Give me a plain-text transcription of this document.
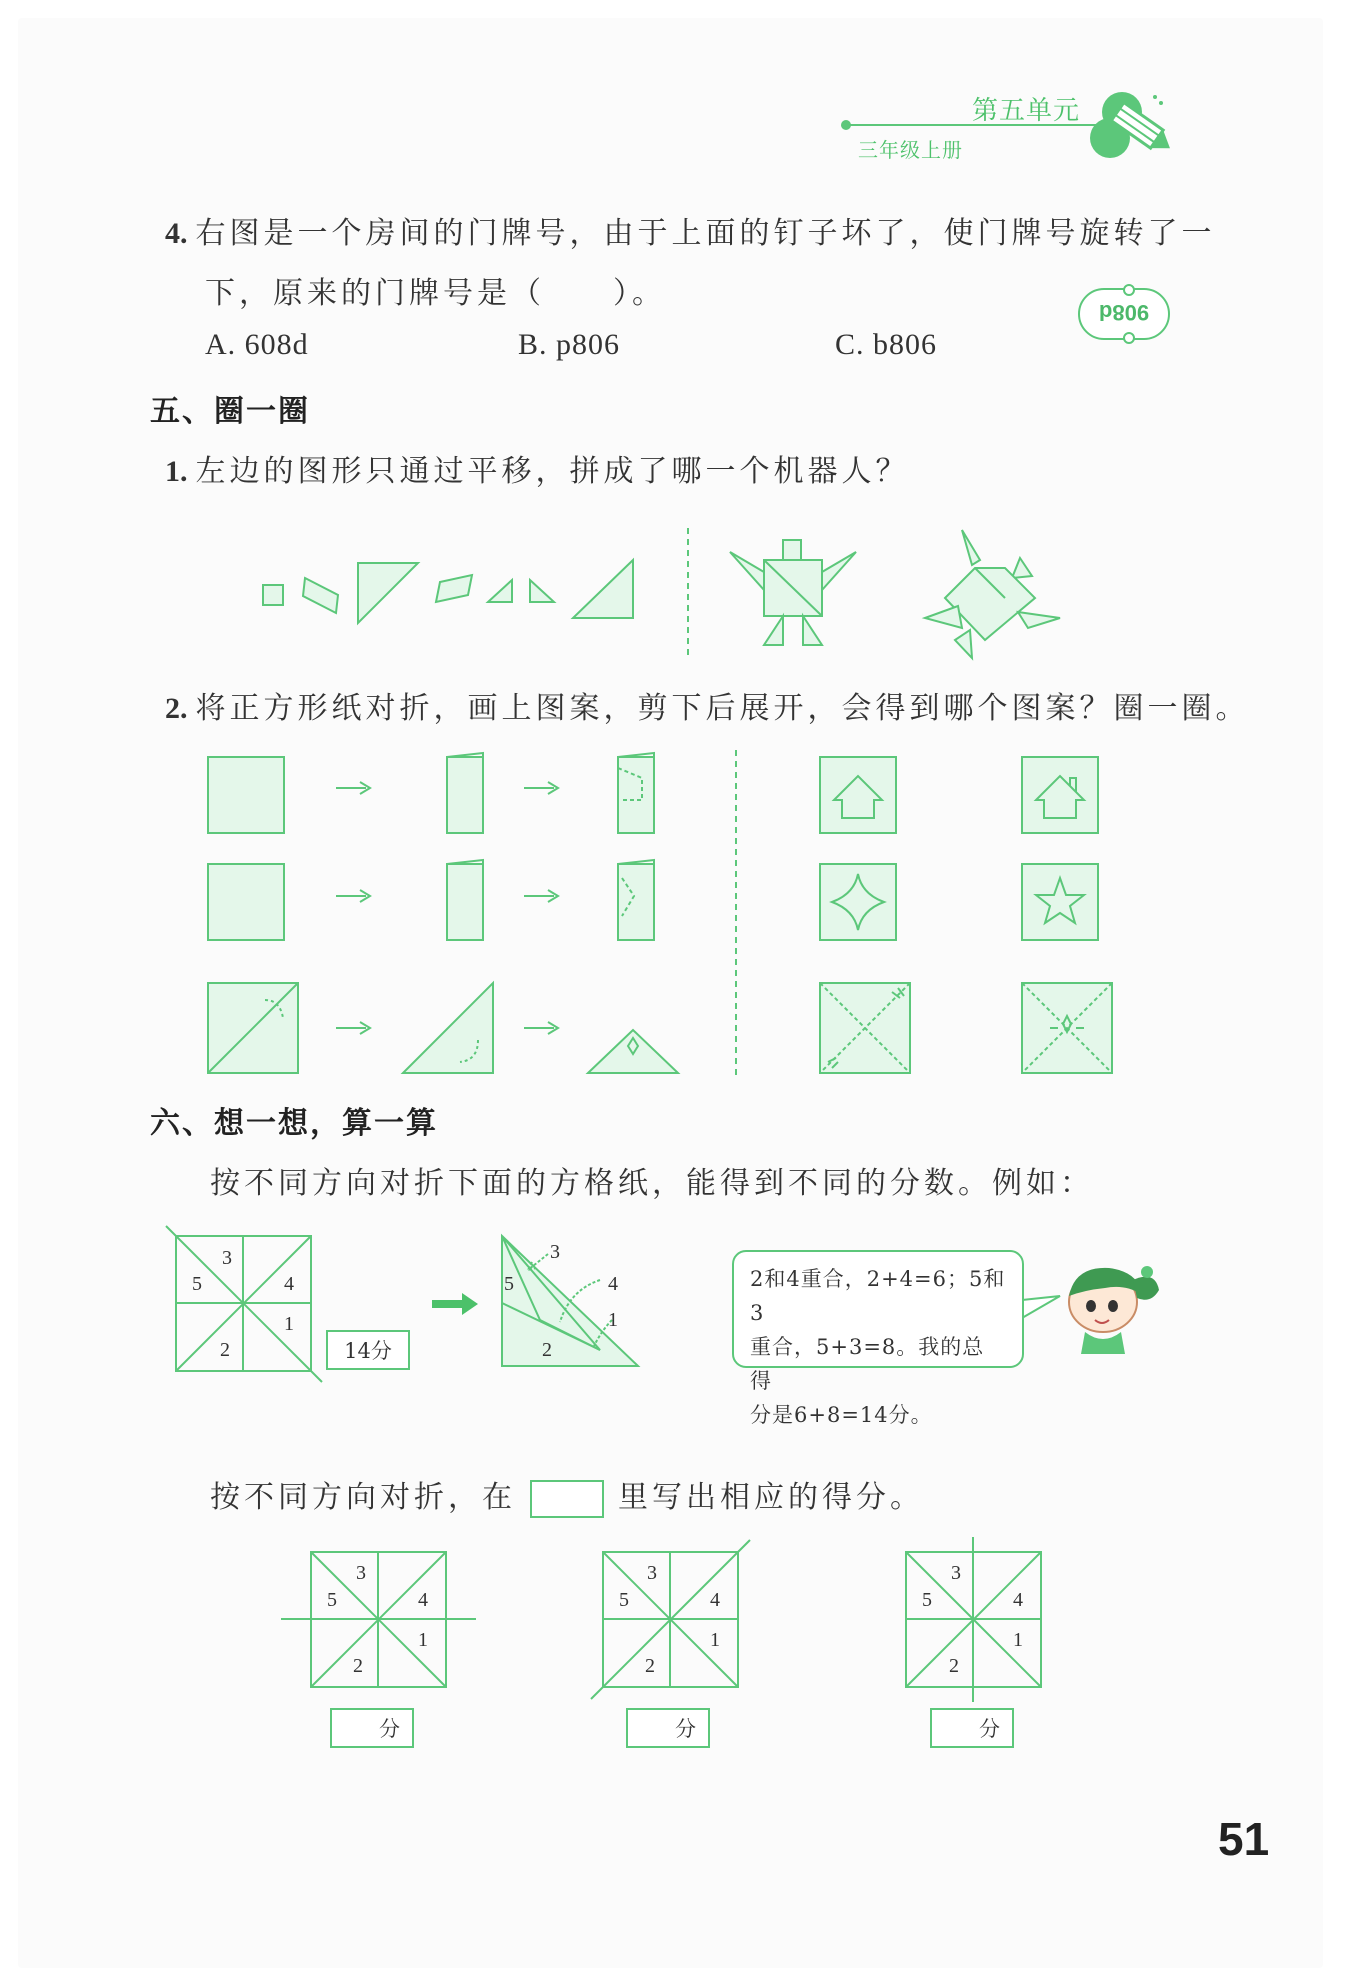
第五单元
三年级上册
4. 右图是一个房间的门牌号，由于上面的钉子坏了，使门牌号旋转了一
下，原来的门牌号是（　　）。
908d
A. 608d	B. p806	C. b806
五、圈一圈
1. 左边的图形只通过平移，拼成了哪一个机器人？
2. 将正方形纸对折，画上图案，剪下后展开，会得到哪个图案？圈一圈。
六、想一想，算一算
按不同方向对折下面的方格纸，能得到不同的分数。例如：
3
5	4
1
2
3
5	4
1
2
14分
2和4重合，2+4=6；5和3
重合，5+3=8。我的总得
分是6+8=14分。
按不同方向对折，在	里写出相应的得分。
3
5	4
1
2
3
5	4
1
2
3
5	4
1
2
分	分	分
51
